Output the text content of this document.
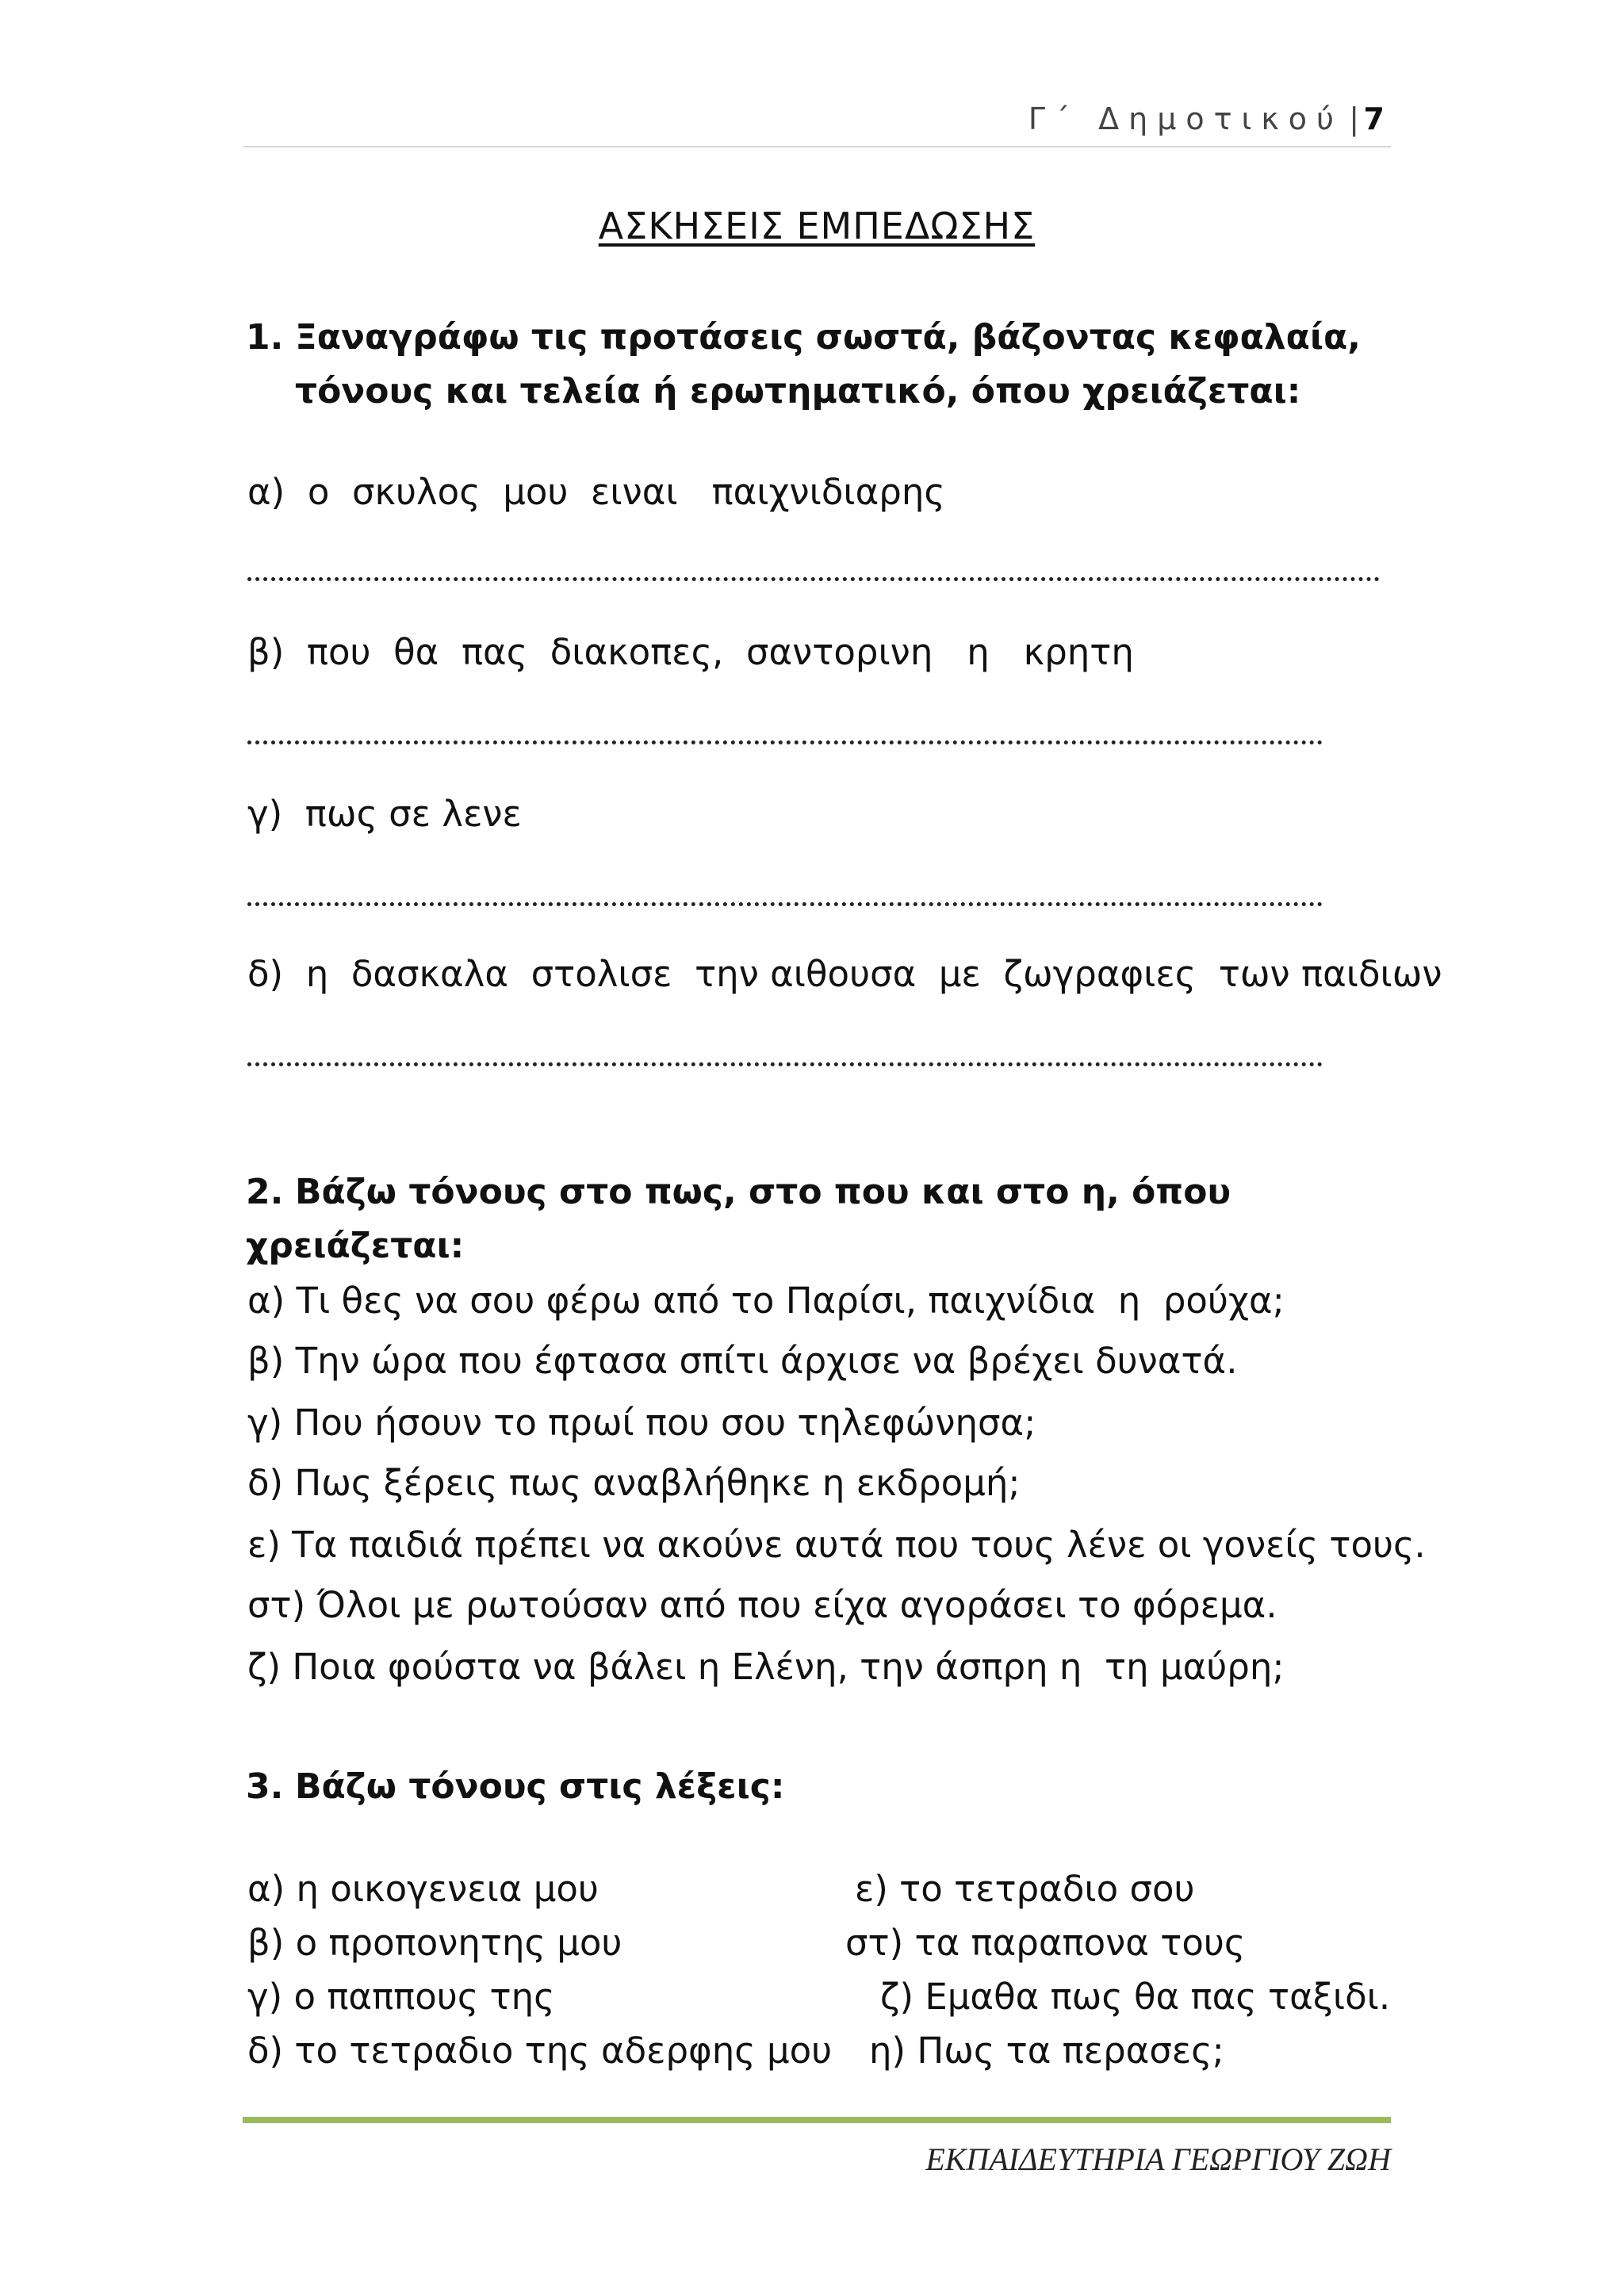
Γ΄ Δημοτικού | 7
ΑΣΚΗΣΕΙΣ ΕΜΠΕΔΩΣΗΣ
1. Ξαναγράφω τις προτάσεις σωστά, βάζοντας κεφαλαία,
τόνους και τελεία ή ερωτηματικό, όπου χρειάζεται:
α)  ο  σκυλος  μου  ειναι   παιχνιδιαρης
β)  που  θα  πας  διακοπες,  σαντορινη   η   κρητη
γ)  πως σε λενε
δ)  η  δασκαλα  στολισε  την αιθουσα  με  ζωγραφιες  των παιδιων
2. Βάζω τόνους στο πως, στο που και στο η, όπου χρειάζεται:
α) Τι θες να σου φέρω από το Παρίσι, παιχνίδια  η  ρούχα;
β) Την ώρα που έφτασα σπίτι άρχισε να βρέχει δυνατά.
γ) Που ήσουν το πρωί που σου τηλεφώνησα;
δ) Πως ξέρεις πως αναβλήθηκε η εκδρομή;
ε) Τα παιδιά πρέπει να ακούνε αυτά που τους λένε οι γονείς τους.
στ) Όλοι με ρωτούσαν από που είχα αγοράσει το φόρεμα.
ζ) Ποια φούστα να βάλει η Ελένη, την άσπρη η  τη μαύρη;
3. Βάζω τόνους στις λέξεις:
α) η οικογενεια μου
β) ο προπονητης μου
γ) ο παππους της
δ) το τετραδιο της αδερφης μου
ε) το τετραδιο σου
στ) τα παραπονα τους
ζ) Εμαθα πως θα πας ταξιδι.
η) Πως τα περασες;
ΕΚΠΑΙΔΕΥΤΗΡΙΑ ΓΕΩΡΓΙΟΥ ΖΩΗ
